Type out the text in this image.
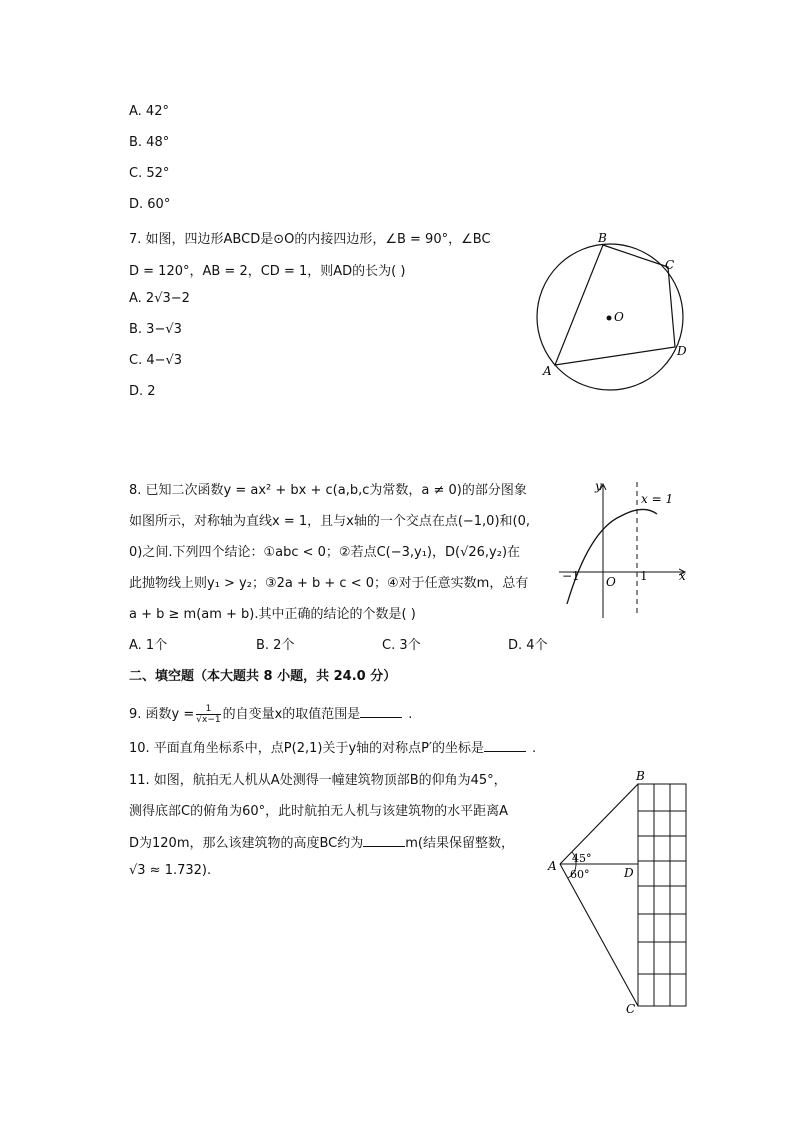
A. 42°
B. 48°
C. 52°
D. 60°
7. 如图，四边形ABCD是⊙O的内接四边形，∠B = 90°，∠BC
D = 120°，AB = 2，CD = 1，则AD的长为( )
A. 2√3−2
B. 3−√3
C. 4−√3
D. 2
B
C
O
D
A
8. 已知二次函数y = ax² + bx + c(a,b,c为常数，a ≠ 0)的部分图象
如图所示，对称轴为直线x = 1，且与x轴的一个交点在点(−1,0)和(0,
0)之间.下列四个结论：①abc < 0；②若点C(−3,y₁)，D(√26,y₂)在
此抛物线上则y₁ > y₂；③2a + b + c < 0；④对于任意实数m，总有
a + b ≥ m(am + b).其中正确的结论的个数是( )
A. 1个	B. 2个	C. 3个	D. 4个
y
x
x = 1
−1 O 1
二、填空题（本大题共 8 小题，共 24.0 分）
9. 函数$y = \frac{1}{√x-1}$ 的自变量x的取值范围是	.
10. 平面直角坐标系中，点P(2,1)关于y轴的对称点P′的坐标是	.
11. 如图，航拍无人机从A处测得一幢建筑物顶部B的仰角为45°，
测得底部C的俯角为60°，此时航拍无人机与该建筑物的水平距离A
D为120m，那么该建筑物的高度BC约为	m(结果保留整数，
√3 ≈ 1.732).
B
A	D
C
45°
60°
